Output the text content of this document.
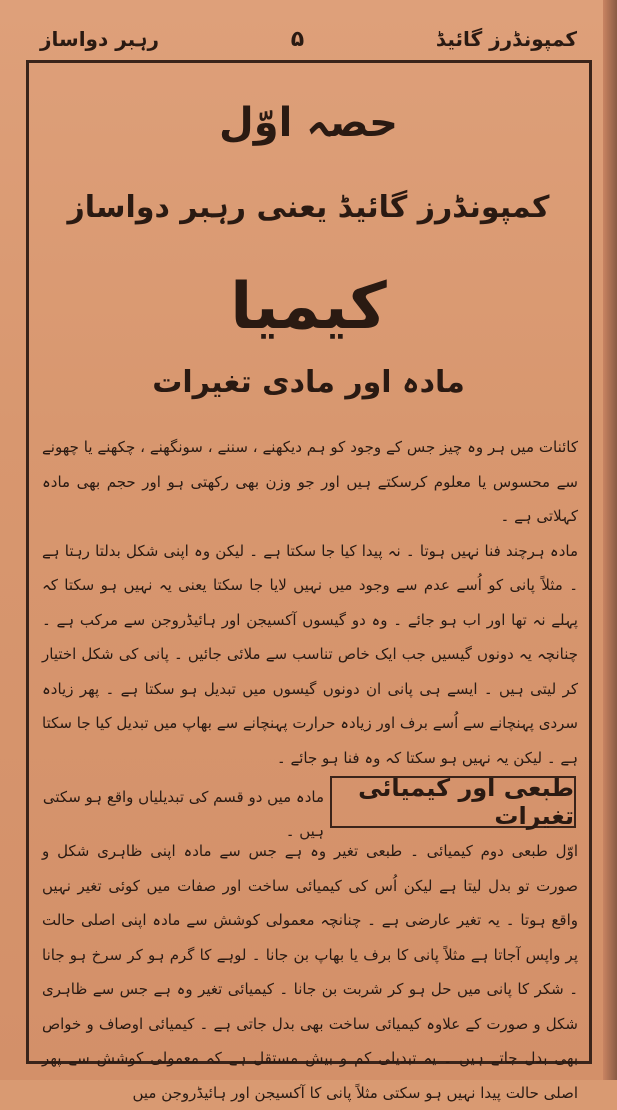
رہبر دواساز	۵	کمپونڈرز گائیڈ
حصہ اوّل
کمپونڈرز گائیڈ یعنی رہبر دواساز
کیمیا
مادہ اور مادی تغیرات

کائنات میں ہر وہ چیز جس کے وجود کو ہم دیکھنے ، سننے ، سونگھنے ، چکھنے یا چھونے سے محسوس یا معلوم کرسکتے ہیں اور جو وزن بھی رکھتی ہو اور حجم بھی مادہ کہلاتی ہے ۔

مادہ ہرچند فنا نہیں ہوتا ۔ نہ پیدا کیا جا سکتا ہے ۔ لیکن وہ اپنی شکل بدلتا رہتا ہے ۔ مثلاً پانی کو اُسے عدم سے وجود میں نہیں لایا جا سکتا یعنی یہ نہیں ہو سکتا کہ پہلے نہ تھا اور اب ہو جائے ۔ وہ دو گیسوں آکسیجن اور ہائیڈروجن سے مرکب ہے ۔ چنانچہ یہ دونوں گیسیں جب ایک خاص تناسب سے ملائی جائیں ۔ پانی کی شکل اختیار کر لیتی ہیں ۔ ایسے ہی پانی ان دونوں گیسوں میں تبدیل ہو سکتا ہے ۔ پھر زیادہ سردی پہنچانے سے اُسے برف اور زیادہ حرارت پہنچانے سے بھاپ میں تبدیل کیا جا سکتا ہے ۔ لیکن یہ نہیں ہو سکتا کہ وہ فنا ہو جائے ۔

طبعی اور کیمیائی تغیرات
مادہ میں دو قسم کی تبدیلیاں واقع ہو سکتی ہیں ۔
اوّل طبعی دوم کیمیائی ۔ طبعی تغیر وہ ہے جس سے مادہ اپنی ظاہری شکل و صورت تو بدل لیتا ہے لیکن اُس کی کیمیائی ساخت اور صفات میں کوئی تغیر نہیں واقع ہوتا ۔ یہ تغیر عارضی ہے ۔ چنانچہ معمولی کوشش سے مادہ اپنی اصلی حالت پر واپس آجاتا ہے مثلاً پانی کا برف یا بھاپ بن جانا ۔ لوہے کا گرم ہو کر سرخ ہو جانا ۔ شکر کا پانی میں حل ہو کر شربت بن جانا ۔ کیمیائی تغیر وہ ہے جس سے ظاہری شکل و صورت کے علاوہ کیمیائی ساخت بھی بدل جاتی ہے ۔ کیمیائی اوصاف و خواص بھی بدل جاتے ہیں ۔ یہ تبدیلی کم و بیش مستقل ہے کہ معمولی کوشش سے پھر اصلی حالت پیدا نہیں ہو سکتی مثلاً پانی کا آکسیجن اور ہائیڈروجن میں
